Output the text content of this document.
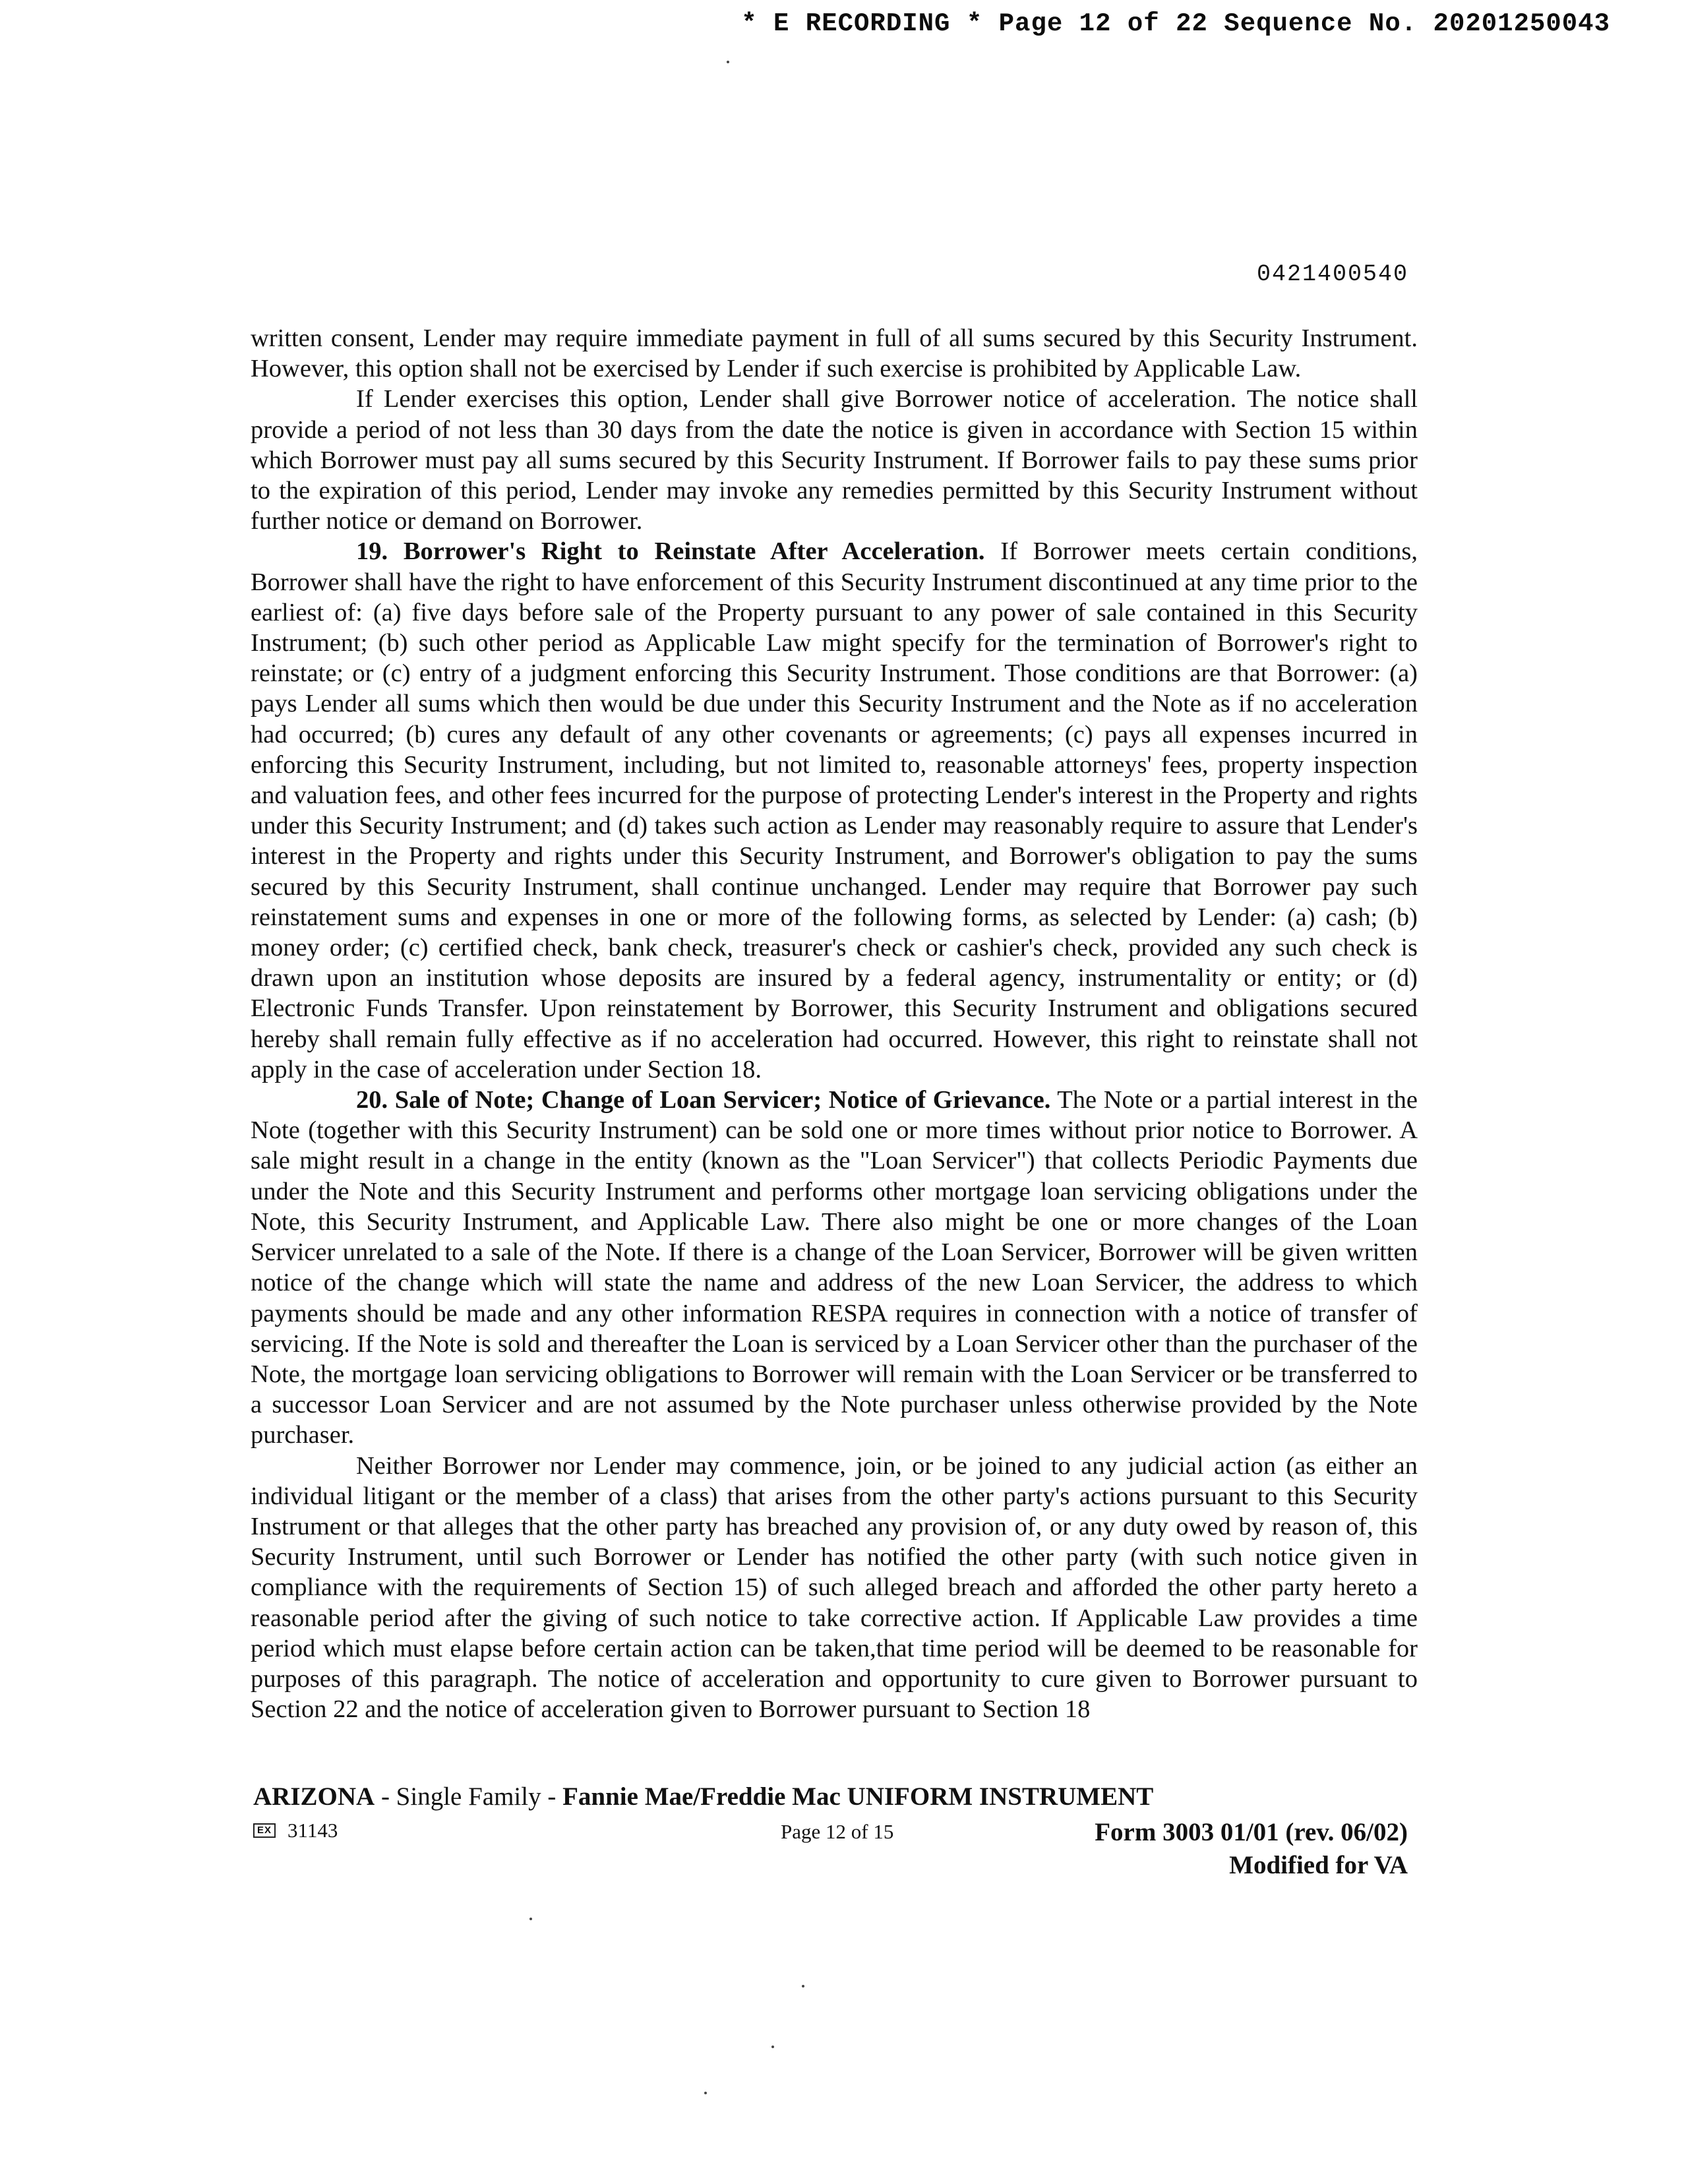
* E RECORDING * Page 12 of 22 Sequence No. 20201250043
0421400540

written consent, Lender may require immediate payment in full of all sums secured by this Security Instrument. However, this option shall not be exercised by Lender if such exercise is prohibited by Applicable Law.

If Lender exercises this option, Lender shall give Borrower notice of acceleration. The notice shall provide a period of not less than 30 days from the date the notice is given in accordance with Section 15 within which Borrower must pay all sums secured by this Security Instrument. If Borrower fails to pay these sums prior to the expiration of this period, Lender may invoke any remedies permitted by this Security Instrument without further notice or demand on Borrower.

19. Borrower's Right to Reinstate After Acceleration. If Borrower meets certain conditions, Borrower shall have the right to have enforcement of this Security Instrument discontinued at any time prior to the earliest of: (a) five days before sale of the Property pursuant to any power of sale contained in this Security Instrument; (b) such other period as Applicable Law might specify for the termination of Borrower's right to reinstate; or (c) entry of a judgment enforcing this Security Instrument. Those conditions are that Borrower: (a) pays Lender all sums which then would be due under this Security Instrument and the Note as if no acceleration had occurred; (b) cures any default of any other covenants or agreements; (c) pays all expenses incurred in enforcing this Security Instrument, including, but not limited to, reasonable attorneys' fees, property inspection and valuation fees, and other fees incurred for the purpose of protecting Lender's interest in the Property and rights under this Security Instrument; and (d) takes such action as Lender may reasonably require to assure that Lender's interest in the Property and rights under this Security Instrument, and Borrower's obligation to pay the sums secured by this Security Instrument, shall continue unchanged. Lender may require that Borrower pay such reinstatement sums and expenses in one or more of the following forms, as selected by Lender: (a) cash; (b) money order; (c) certified check, bank check, treasurer's check or cashier's check, provided any such check is drawn upon an institution whose deposits are insured by a federal agency, instrumentality or entity; or (d) Electronic Funds Transfer. Upon reinstatement by Borrower, this Security Instrument and obligations secured hereby shall remain fully effective as if no acceleration had occurred. However, this right to reinstate shall not apply in the case of acceleration under Section 18.

20. Sale of Note; Change of Loan Servicer; Notice of Grievance. The Note or a partial interest in the Note (together with this Security Instrument) can be sold one or more times without prior notice to Borrower. A sale might result in a change in the entity (known as the "Loan Servicer") that collects Periodic Payments due under the Note and this Security Instrument and performs other mortgage loan servicing obligations under the Note, this Security Instrument, and Applicable Law. There also might be one or more changes of the Loan Servicer unrelated to a sale of the Note. If there is a change of the Loan Servicer, Borrower will be given written notice of the change which will state the name and address of the new Loan Servicer, the address to which payments should be made and any other information RESPA requires in connection with a notice of transfer of servicing. If the Note is sold and thereafter the Loan is serviced by a Loan Servicer other than the purchaser of the Note, the mortgage loan servicing obligations to Borrower will remain with the Loan Servicer or be transferred to a successor Loan Servicer and are not assumed by the Note purchaser unless otherwise provided by the Note purchaser.

Neither Borrower nor Lender may commence, join, or be joined to any judicial action (as either an individual litigant or the member of a class) that arises from the other party's actions pursuant to this Security Instrument or that alleges that the other party has breached any provision of, or any duty owed by reason of, this Security Instrument, until such Borrower or Lender has notified the other party (with such notice given in compliance with the requirements of Section 15) of such alleged breach and afforded the other party hereto a reasonable period after the giving of such notice to take corrective action. If Applicable Law provides a time period which must elapse before certain action can be taken,that time period will be deemed to be reasonable for purposes of this paragraph. The notice of acceleration and opportunity to cure given to Borrower pursuant to Section 22 and the notice of acceleration given to Borrower pursuant to Section 18

ARIZONA - Single Family - Fannie Mae/Freddie Mac UNIFORM INSTRUMENT
EX 31143	Page 12 of 15	Form 3003 01/01 (rev. 06/02)
Modified for VA
